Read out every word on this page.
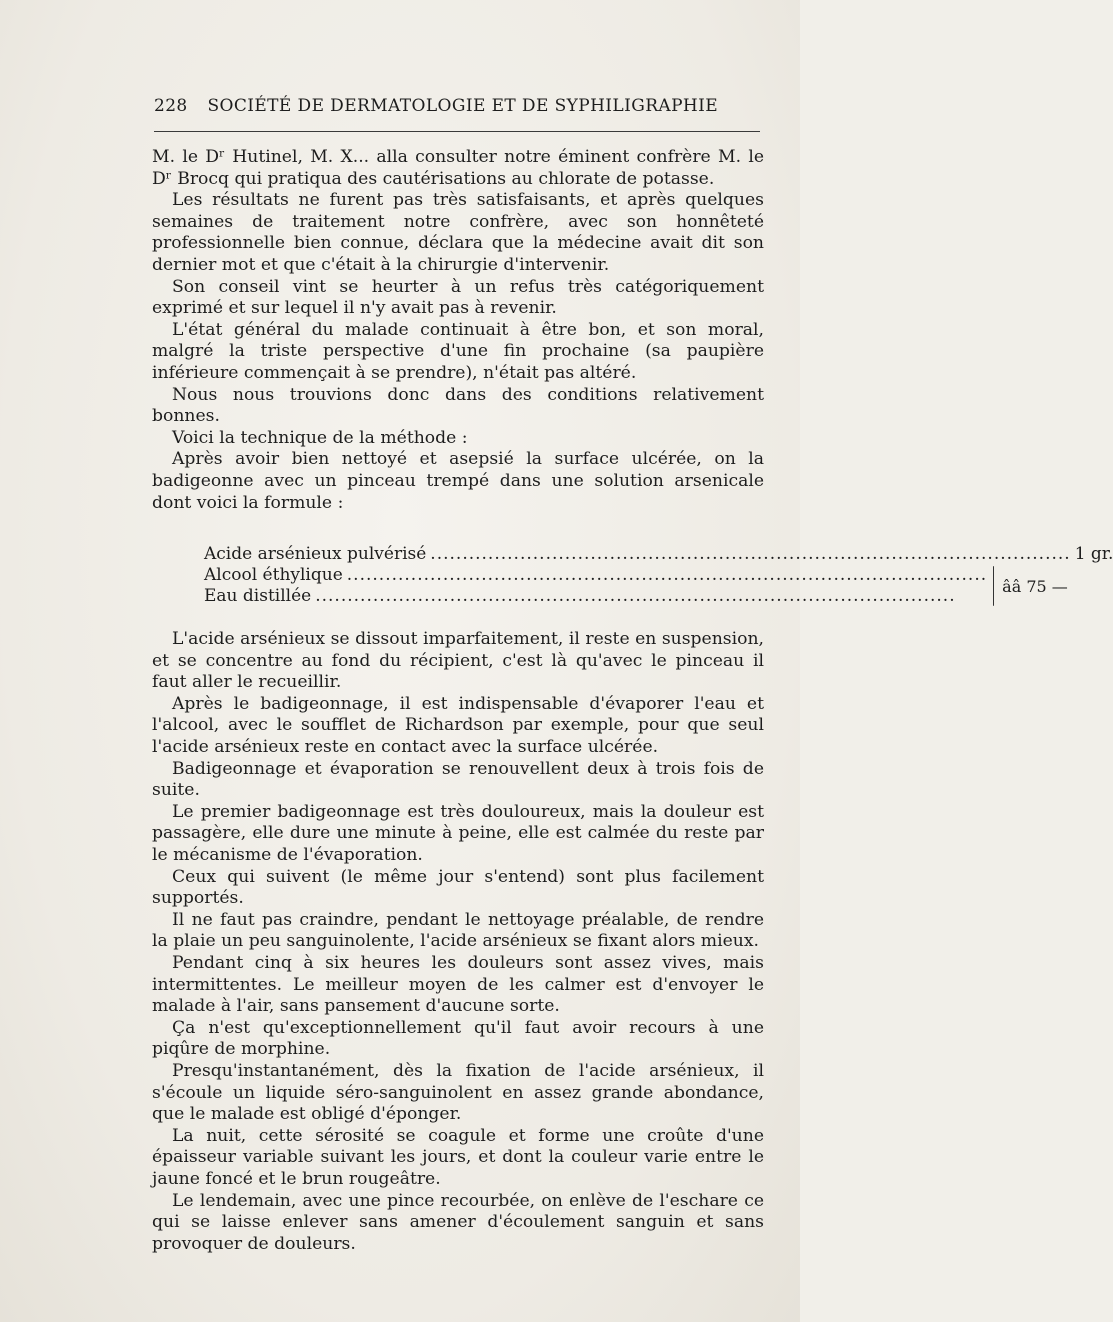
228 SOCIÉTÉ DE DERMATOLOGIE ET DE SYPHILIGRAPHIE

M. le Dʳ Hutinel, M. X... alla consulter notre éminent confrère M. le Dʳ Brocq qui pratiqua des cautérisations au chlorate de potasse.

Les résultats ne furent pas très satisfaisants, et après quelques semaines de traitement notre confrère, avec son honnêteté professionnelle bien connue, déclara que la médecine avait dit son dernier mot et que c'était à la chirurgie d'intervenir.

Son conseil vint se heurter à un refus très catégoriquement exprimé et sur lequel il n'y avait pas à revenir.

L'état général du malade continuait à être bon, et son moral, malgré la triste perspective d'une fin prochaine (sa paupière inférieure commençait à se prendre), n'était pas altéré.

Nous nous trouvions donc dans des conditions relativement bonnes.

Voici la technique de la méthode :

Après avoir bien nettoyé et asepsié la surface ulcérée, on la badigeonne avec un pinceau trempé dans une solution arsenicale dont voici la formule :

Acide arsénieux pulvérisé .....	1 gr.
Alcool éthylique
.....
Eau distillée .....	ââ 75 —

L'acide arsénieux se dissout imparfaitement, il reste en suspension, et se concentre au fond du récipient, c'est là qu'avec le pinceau il faut aller le recueillir.

Après le badigeonnage, il est indispensable d'évaporer l'eau et l'alcool, avec le soufflet de Richardson par exemple, pour que seul l'acide arsénieux reste en contact avec la surface ulcérée.

Badigeonnage et évaporation se renouvellent deux à trois fois de suite.

Le premier badigeonnage est très douloureux, mais la douleur est passagère, elle dure une minute à peine, elle est calmée du reste par le mécanisme de l'évaporation.

Ceux qui suivent (le même jour s'entend) sont plus facilement supportés.

Il ne faut pas craindre, pendant le nettoyage préalable, de rendre la plaie un peu sanguinolente, l'acide arsénieux se fixant alors mieux.

Pendant cinq à six heures les douleurs sont assez vives, mais intermittentes. Le meilleur moyen de les calmer est d'envoyer le malade à l'air, sans pansement d'aucune sorte.

Ça n'est qu'exceptionnellement qu'il faut avoir recours à une piqûre de morphine.

Presqu'instantanément, dès la fixation de l'acide arsénieux, il s'écoule un liquide séro-sanguinolent en assez grande abondance, que le malade est obligé d'éponger.

La nuit, cette sérosité se coagule et forme une croûte d'une épaisseur variable suivant les jours, et dont la couleur varie entre le jaune foncé et le brun rougeâtre.

Le lendemain, avec une pince recourbée, on enlève de l'eschare ce qui se laisse enlever sans amener d'écoulement sanguin et sans provoquer de douleurs.
